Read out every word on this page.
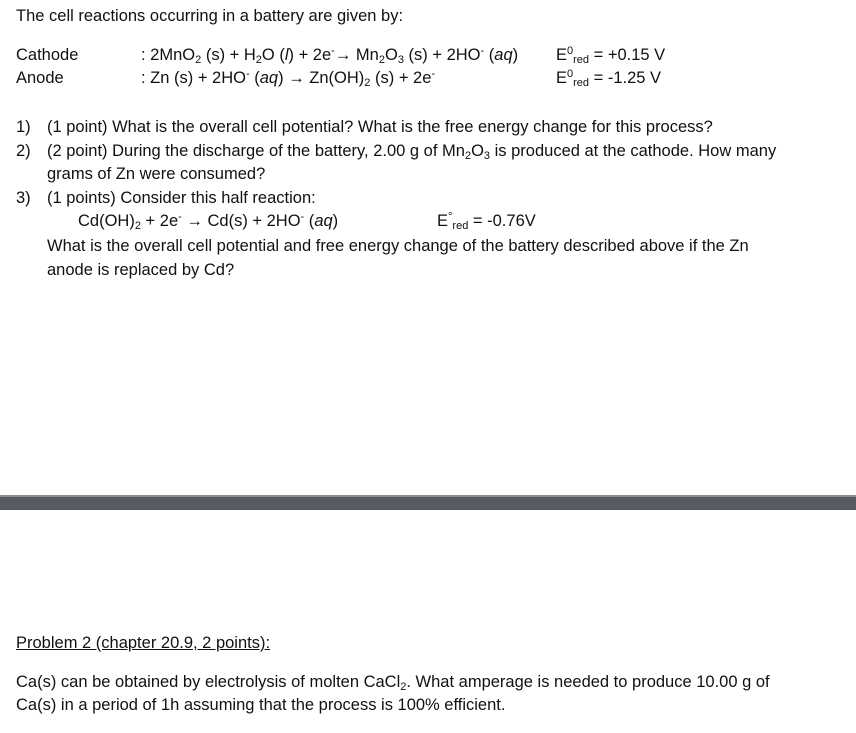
The cell reactions occurring in a battery are given by:
Cathode	: 2MnO$_2$ $(s) + H_2O$ $(l) + 2e^-\to Mn_2O_3$ (s) + 2HO- (aq) $E^0_{red} = +0.15$ V
Anode	: Zn (s) + 2HO- $(aq) \to Zn(OH)_2$ (s) + 2e-	$E^0_{red} = -1.25$ V
1) (1 point) What is the overall cell potential? What is the free energy change for this process?
2) (2 point) During the discharge of the battery, 2.00 g of $Mn_2O_3$ is produced at the cathode. How many
grams of Zn were consumed?
3) (1 points) Consider this half reaction:
$Cd(OH)_2 + 2e^- \to Cd(s) + 2HO^-$ (aq)	$E^\circ_{red} = -0.76V$
What is the overall cell potential and free energy change of the battery described above if the Zn
anode is replaced by Cd?
Problem 2 (chapter 20.9, 2 points):
Ca(s) can be obtained by electrolysis of molten CaCl$_2$. What amperage is needed to produce 10.00 g of
Ca(s) in a period of 1h assuming that the process is 100% efficient.
